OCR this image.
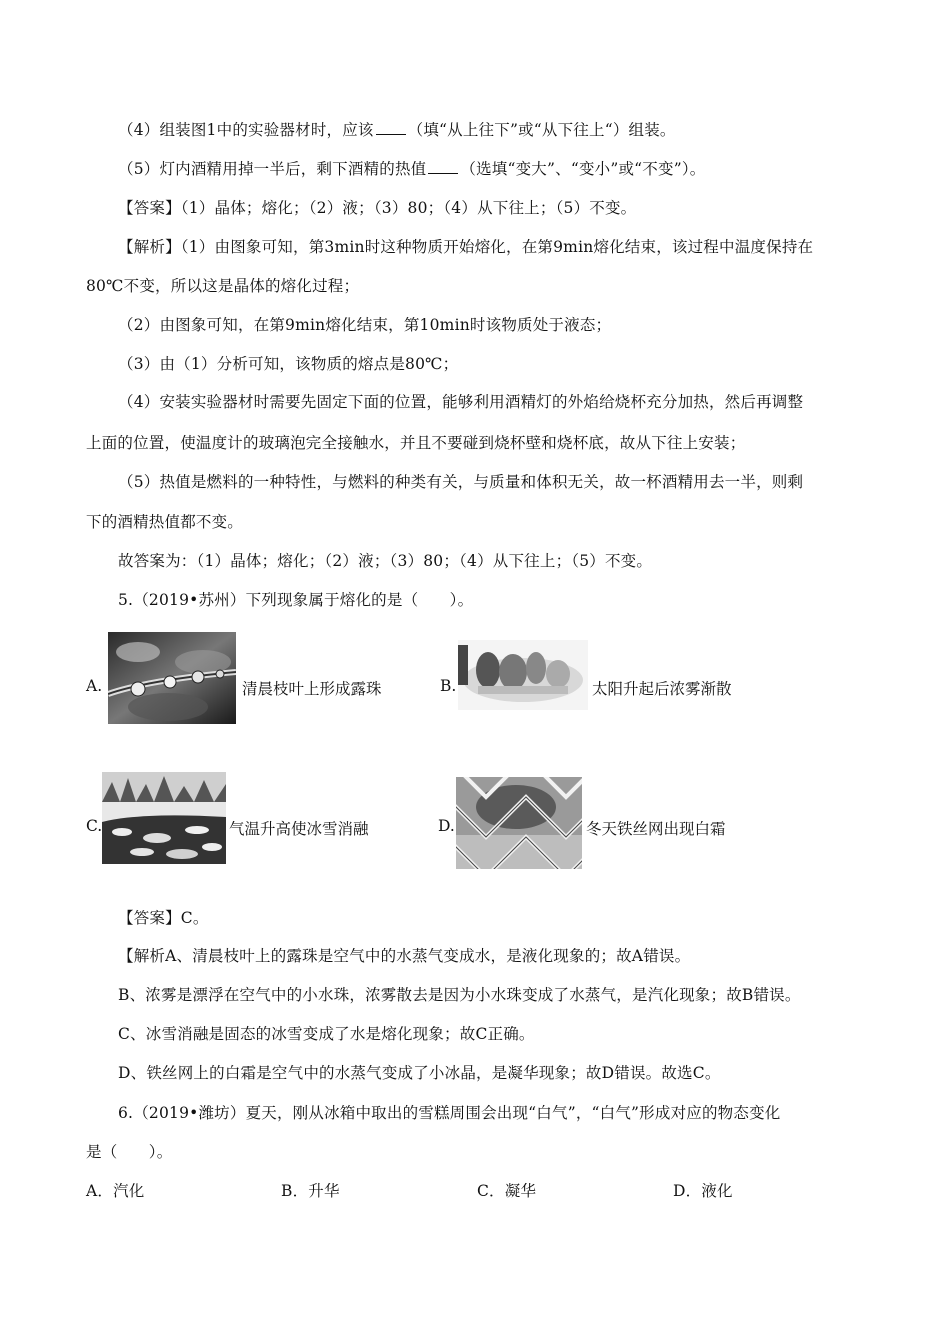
（4）组装图1中的实验器材时，应该 （填“从上往下”或“从下往上“）组装。
（5）灯内酒精用掉一半后，剩下酒精的热值 （选填“变大”、“变小”或“不变”）。
【答案】（1）晶体；熔化；（2）液；（3）80；（4）从下往上；（5）不变。
【解析】（1）由图象可知，第3min时这种物质开始熔化，在第9min熔化结束，该过程中温度保持在
80℃不变，所以这是晶体的熔化过程；
（2）由图象可知，在第9min熔化结束，第10min时该物质处于液态；
（3）由（1）分析可知，该物质的熔点是80℃；
（4）安装实验器材时需要先固定下面的位置，能够利用酒精灯的外焰给烧杯充分加热，然后再调整
上面的位置，使温度计的玻璃泡完全接触水，并且不要碰到烧杯壁和烧杯底，故从下往上安装；
（5）热值是燃料的一种特性，与燃料的种类有关，与质量和体积无关，故一杯酒精用去一半，则剩
下的酒精热值都不变。
故答案为：（1）晶体；熔化；（2）液；（3）80；（4）从下往上；（5）不变。
5.（2019•苏州）下列现象属于熔化的是（　　）。
A.	清晨枝叶上形成露珠	B.	太阳升起后浓雾渐散
C.	气温升高使冰雪消融	D.	冬天铁丝网出现白霜
【答案】C。
【解析A、清晨枝叶上的露珠是空气中的水蒸气变成水，是液化现象的；故A错误。
B、浓雾是漂浮在空气中的小水珠，浓雾散去是因为小水珠变成了水蒸气，是汽化现象；故B错误。
C、冰雪消融是固态的冰雪变成了水是熔化现象；故C正确。
D、铁丝网上的白霜是空气中的水蒸气变成了小冰晶，是凝华现象；故D错误。故选C。
6.（2019•潍坊）夏天，刚从冰箱中取出的雪糕周围会出现“白气”，“白气”形成对应的物态变化
是（　　）。
A．汽化	B．升华	C．凝华	D．液化
